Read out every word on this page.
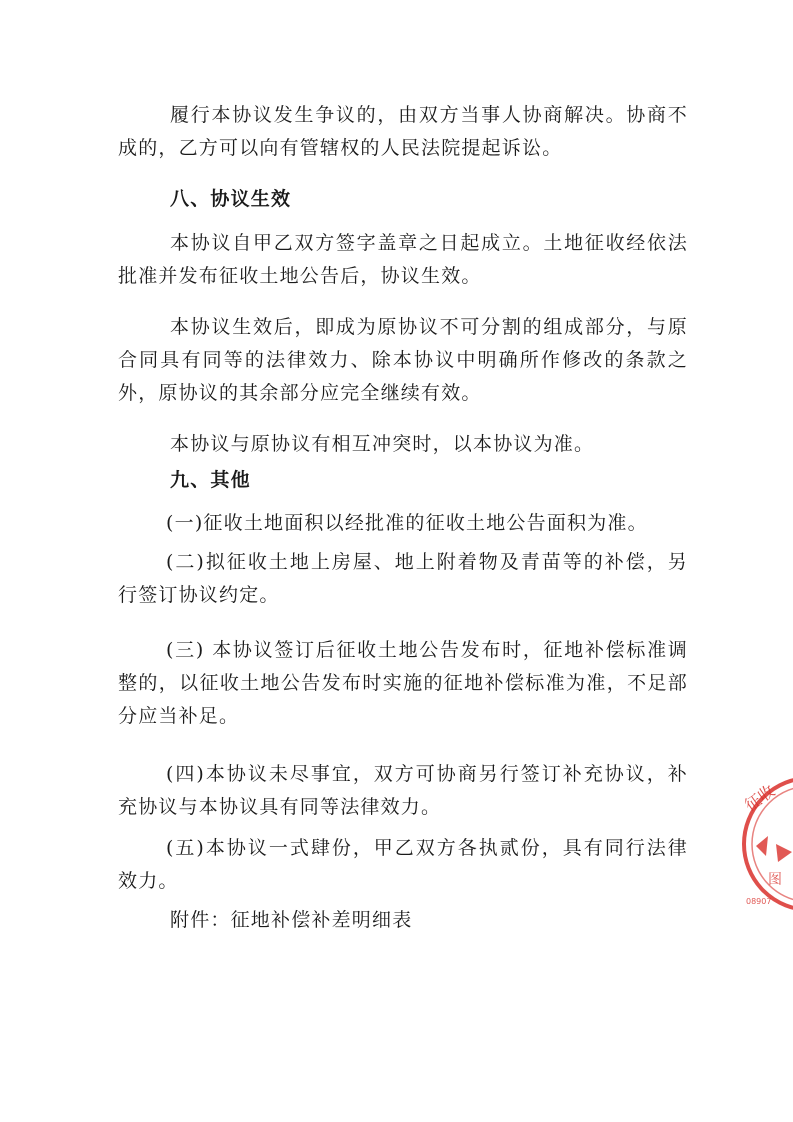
履行本协议发生争议的，由双方当事人协商解决。协商不成的，乙方可以向有管辖权的人民法院提起诉讼。
八、协议生效
本协议自甲乙双方签字盖章之日起成立。土地征收经依法批准并发布征收土地公告后，协议生效。
本协议生效后，即成为原协议不可分割的组成部分，与原合同具有同等的法律效力、除本协议中明确所作修改的条款之外，原协议的其余部分应完全继续有效。
本协议与原协议有相互冲突时，以本协议为准。
九、其他
(一)征收土地面积以经批准的征收土地公告面积为准。
(二)拟征收土地上房屋、地上附着物及青苗等的补偿，另行签订协议约定。
(三) 本协议签订后征收土地公告发布时，征地补偿标准调整的，以征收土地公告发布时实施的征地补偿标准为准，不足部分应当补足。
(四)本协议未尽事宜，双方可协商另行签订补充协议，补充协议与本协议具有同等法律效力。
(五)本协议一式肆份，甲乙双方各执贰份，具有同行法律效力。
附件：征地补偿补差明细表
征收
图
08907
